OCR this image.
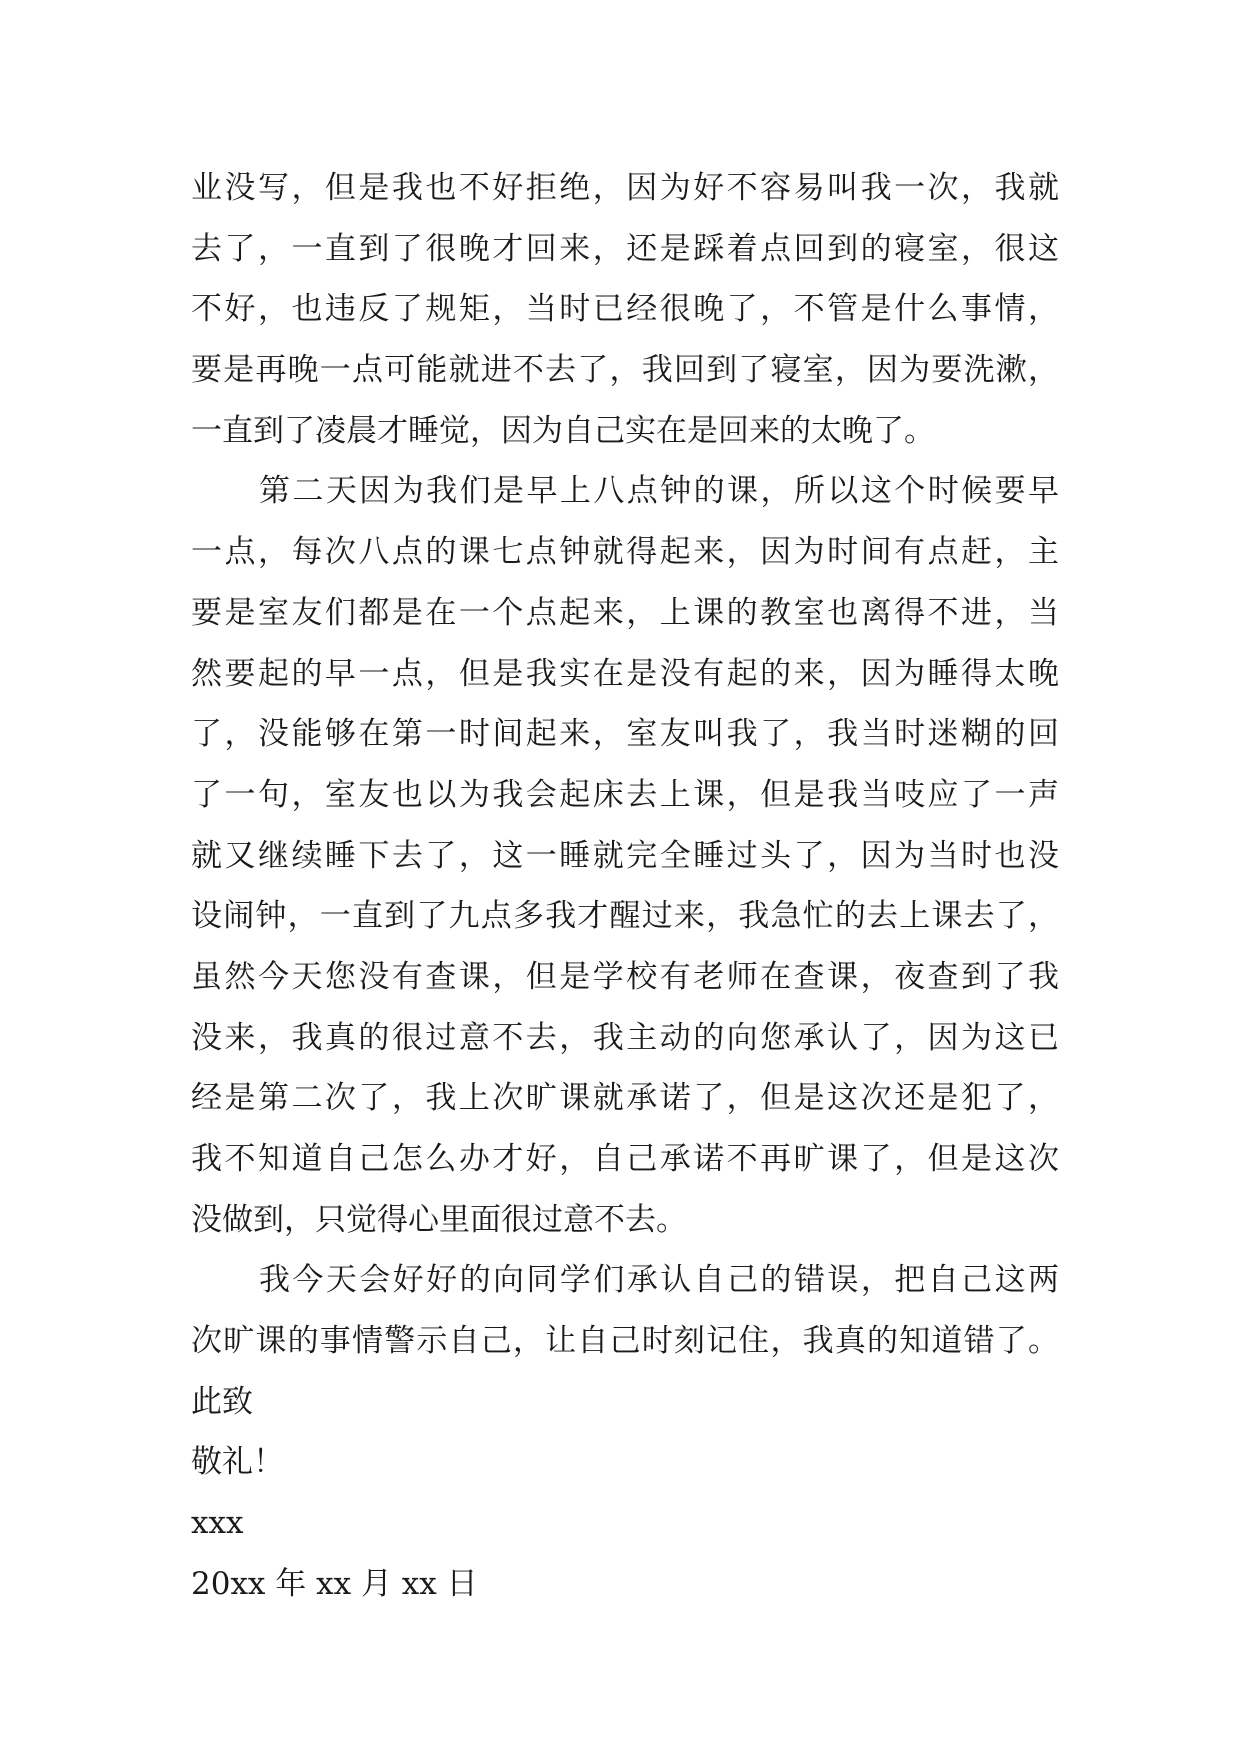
业没写，但是我也不好拒绝，因为好不容易叫我一次，我就
去了，一直到了很晚才回来，还是踩着点回到的寝室，很这
不好，也违反了规矩，当时已经很晚了，不管是什么事情，
要是再晚一点可能就进不去了，我回到了寝室，因为要洗漱，
一直到了凌晨才睡觉，因为自己实在是回来的太晚了。
第二天因为我们是早上八点钟的课，所以这个时候要早
一点，每次八点的课七点钟就得起来，因为时间有点赶，主
要是室友们都是在一个点起来，上课的教室也离得不进，当
然要起的早一点，但是我实在是没有起的来，因为睡得太晚
了，没能够在第一时间起来，室友叫我了，我当时迷糊的回
了一句，室友也以为我会起床去上课，但是我当吱应了一声
就又继续睡下去了，这一睡就完全睡过头了，因为当时也没
设闹钟，一直到了九点多我才醒过来，我急忙的去上课去了，
虽然今天您没有查课，但是学校有老师在查课，夜查到了我
没来，我真的很过意不去，我主动的向您承认了，因为这已
经是第二次了，我上次旷课就承诺了，但是这次还是犯了，
我不知道自己怎么办才好，自己承诺不再旷课了，但是这次
没做到，只觉得心里面很过意不去。
我今天会好好的向同学们承认自己的错误，把自己这两
次旷课的事情警示自己，让自己时刻记住，我真的知道错了。
此致
敬礼！
xxx
20xx 年 xx 月 xx 日
